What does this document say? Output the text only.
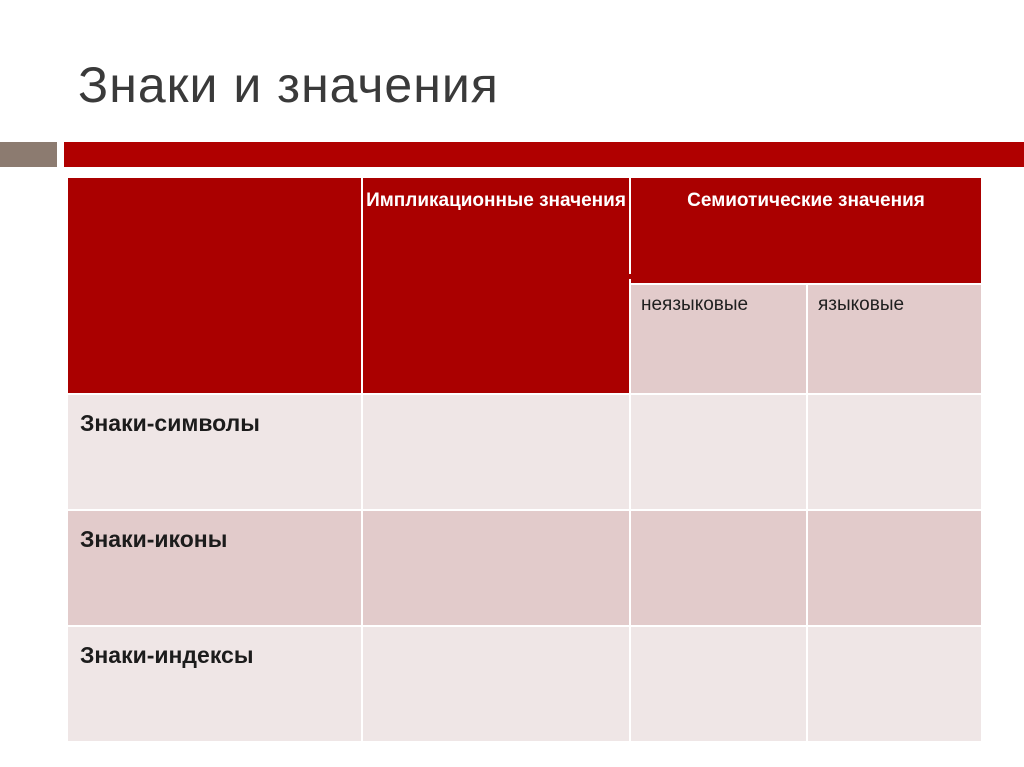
Знаки и значения
	Импликационные значения	Семиотические значения	
		неязыковые	языковые
Знаки-символы			
Знаки-иконы			
Знаки-индексы			
